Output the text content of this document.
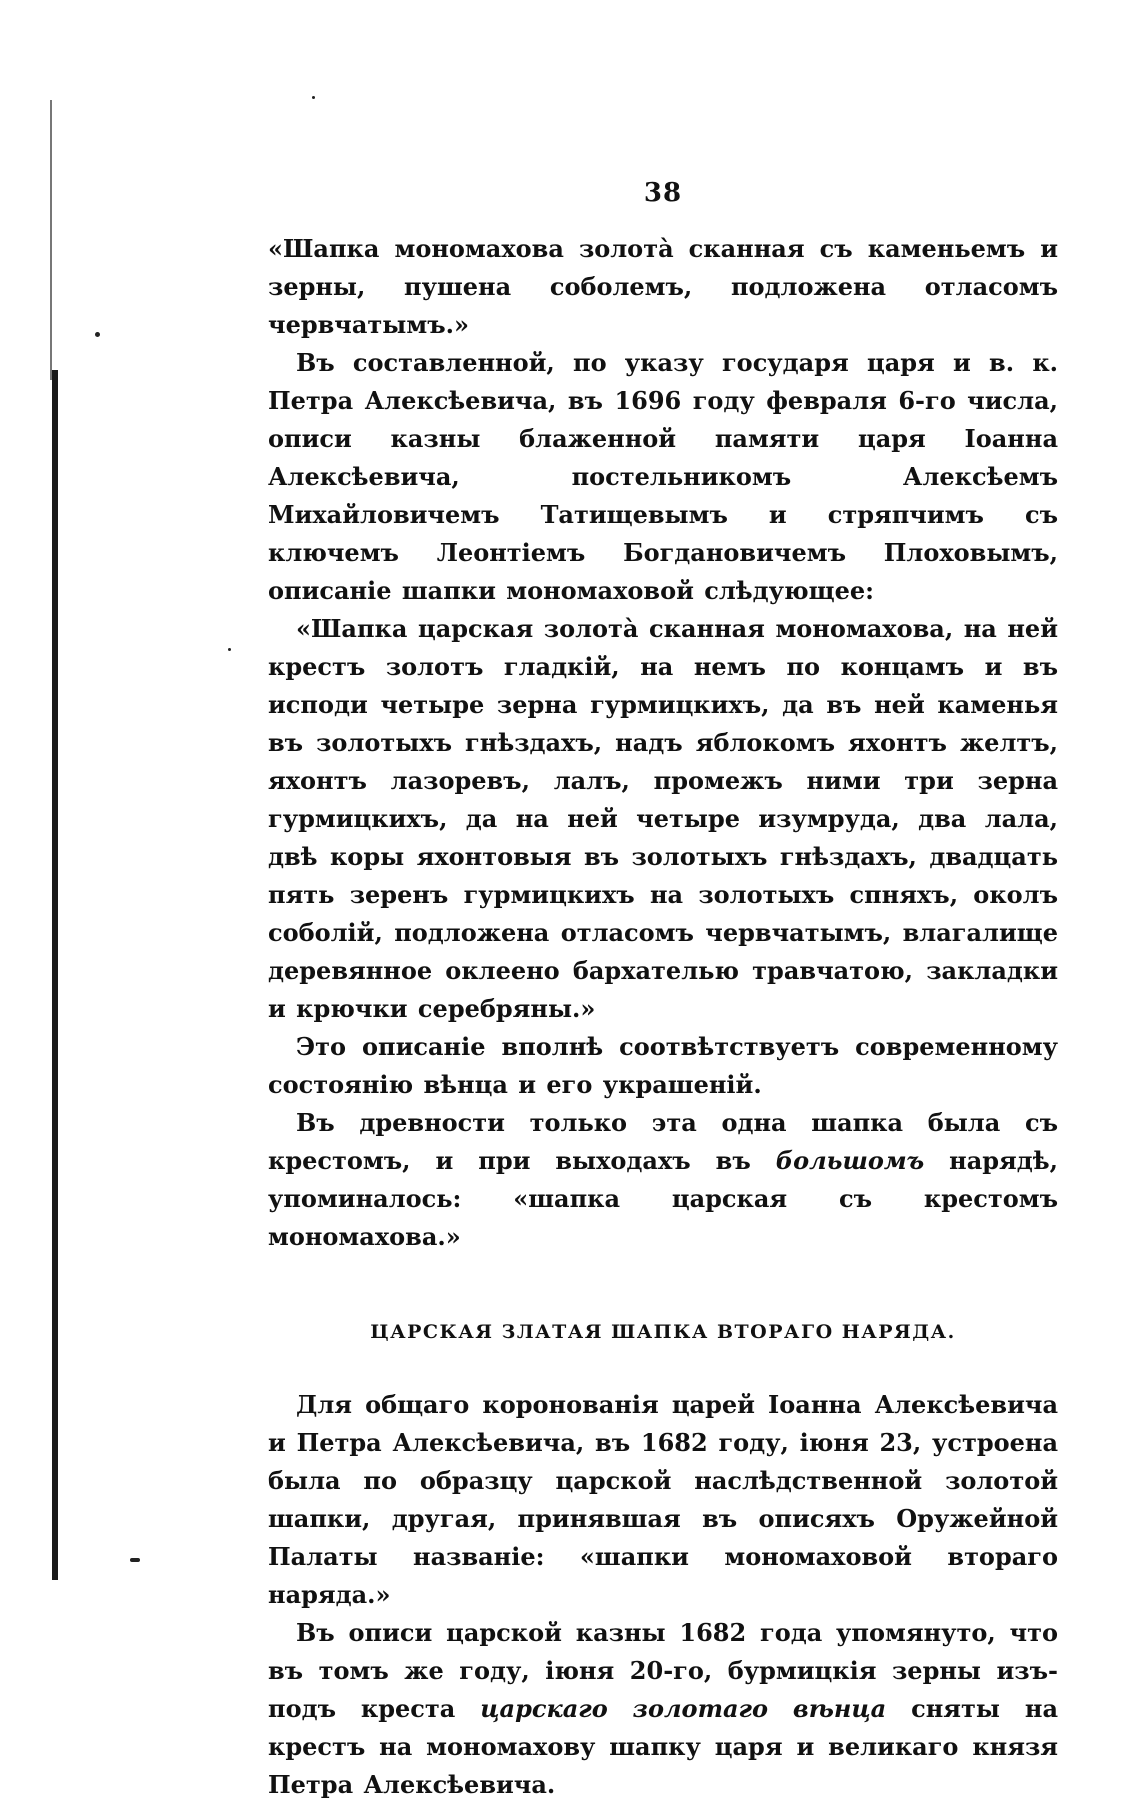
38

«Шапка мономахова золотà сканная съ каменьемъ и зерны, пушена соболемъ, подложена отласомъ червчатымъ.»

Въ составленной, по указу государя царя и в. к. Петра Алексѣевича, въ 1696 году февраля 6-го числа, описи казны блаженной памяти царя Іоанна Алексѣевича, постельникомъ Алексѣемъ Михайловичемъ Татищевымъ и стряпчимъ съ ключемъ Леонтіемъ Богдановичемъ Плоховымъ, описаніе шапки мономаховой слѣдующее:

«Шапка царская золотà сканная мономахова, на ней крестъ золотъ гладкій, на немъ по концамъ и въ исподи четыре зерна гурмицкихъ, да въ ней каменья въ золотыхъ гнѣздахъ, надъ яблокомъ яхонтъ желтъ, яхонтъ лазоревъ, лалъ, промежъ ними три зерна гурмицкихъ, да на ней четыре изумруда, два лала, двѣ коры яхонтовыя въ золотыхъ гнѣздахъ, двадцать пять зеренъ гурмицкихъ на золотыхъ спняхъ, околъ соболій, подложена отласомъ червчатымъ, влагалище деревянное оклеено бархателью травчатою, закладки и крючки серебряны.»

Это описаніе вполнѣ соотвѣтствуетъ современному состоянію вѣнца и его украшеній.

Въ древности только эта одна шапка была съ крестомъ, и при выходахъ въ большомъ нарядѣ, упоминалось: «шапка царская съ крестомъ мономахова.»

ЦАРСКАЯ ЗЛАТАЯ ШАПКА ВТОРАГО НАРЯДА.

Для общаго коронованія царей Іоанна Алексѣевича и Петра Алексѣевича, въ 1682 году, іюня 23, устроена была по образцу царской наслѣдственной золотой шапки, другая, принявшая въ описяхъ Оружейной Палаты названіе: «шапки мономаховой втораго наряда.»

Въ описи царской казны 1682 года упомянуто, что въ томъ же году, іюня 20-го, бурмицкія зерны изъ-подъ креста царскаго золотаго вѣнца сняты на крестъ на мономахову шапку царя и великаго князя Петра Алексѣевича.
